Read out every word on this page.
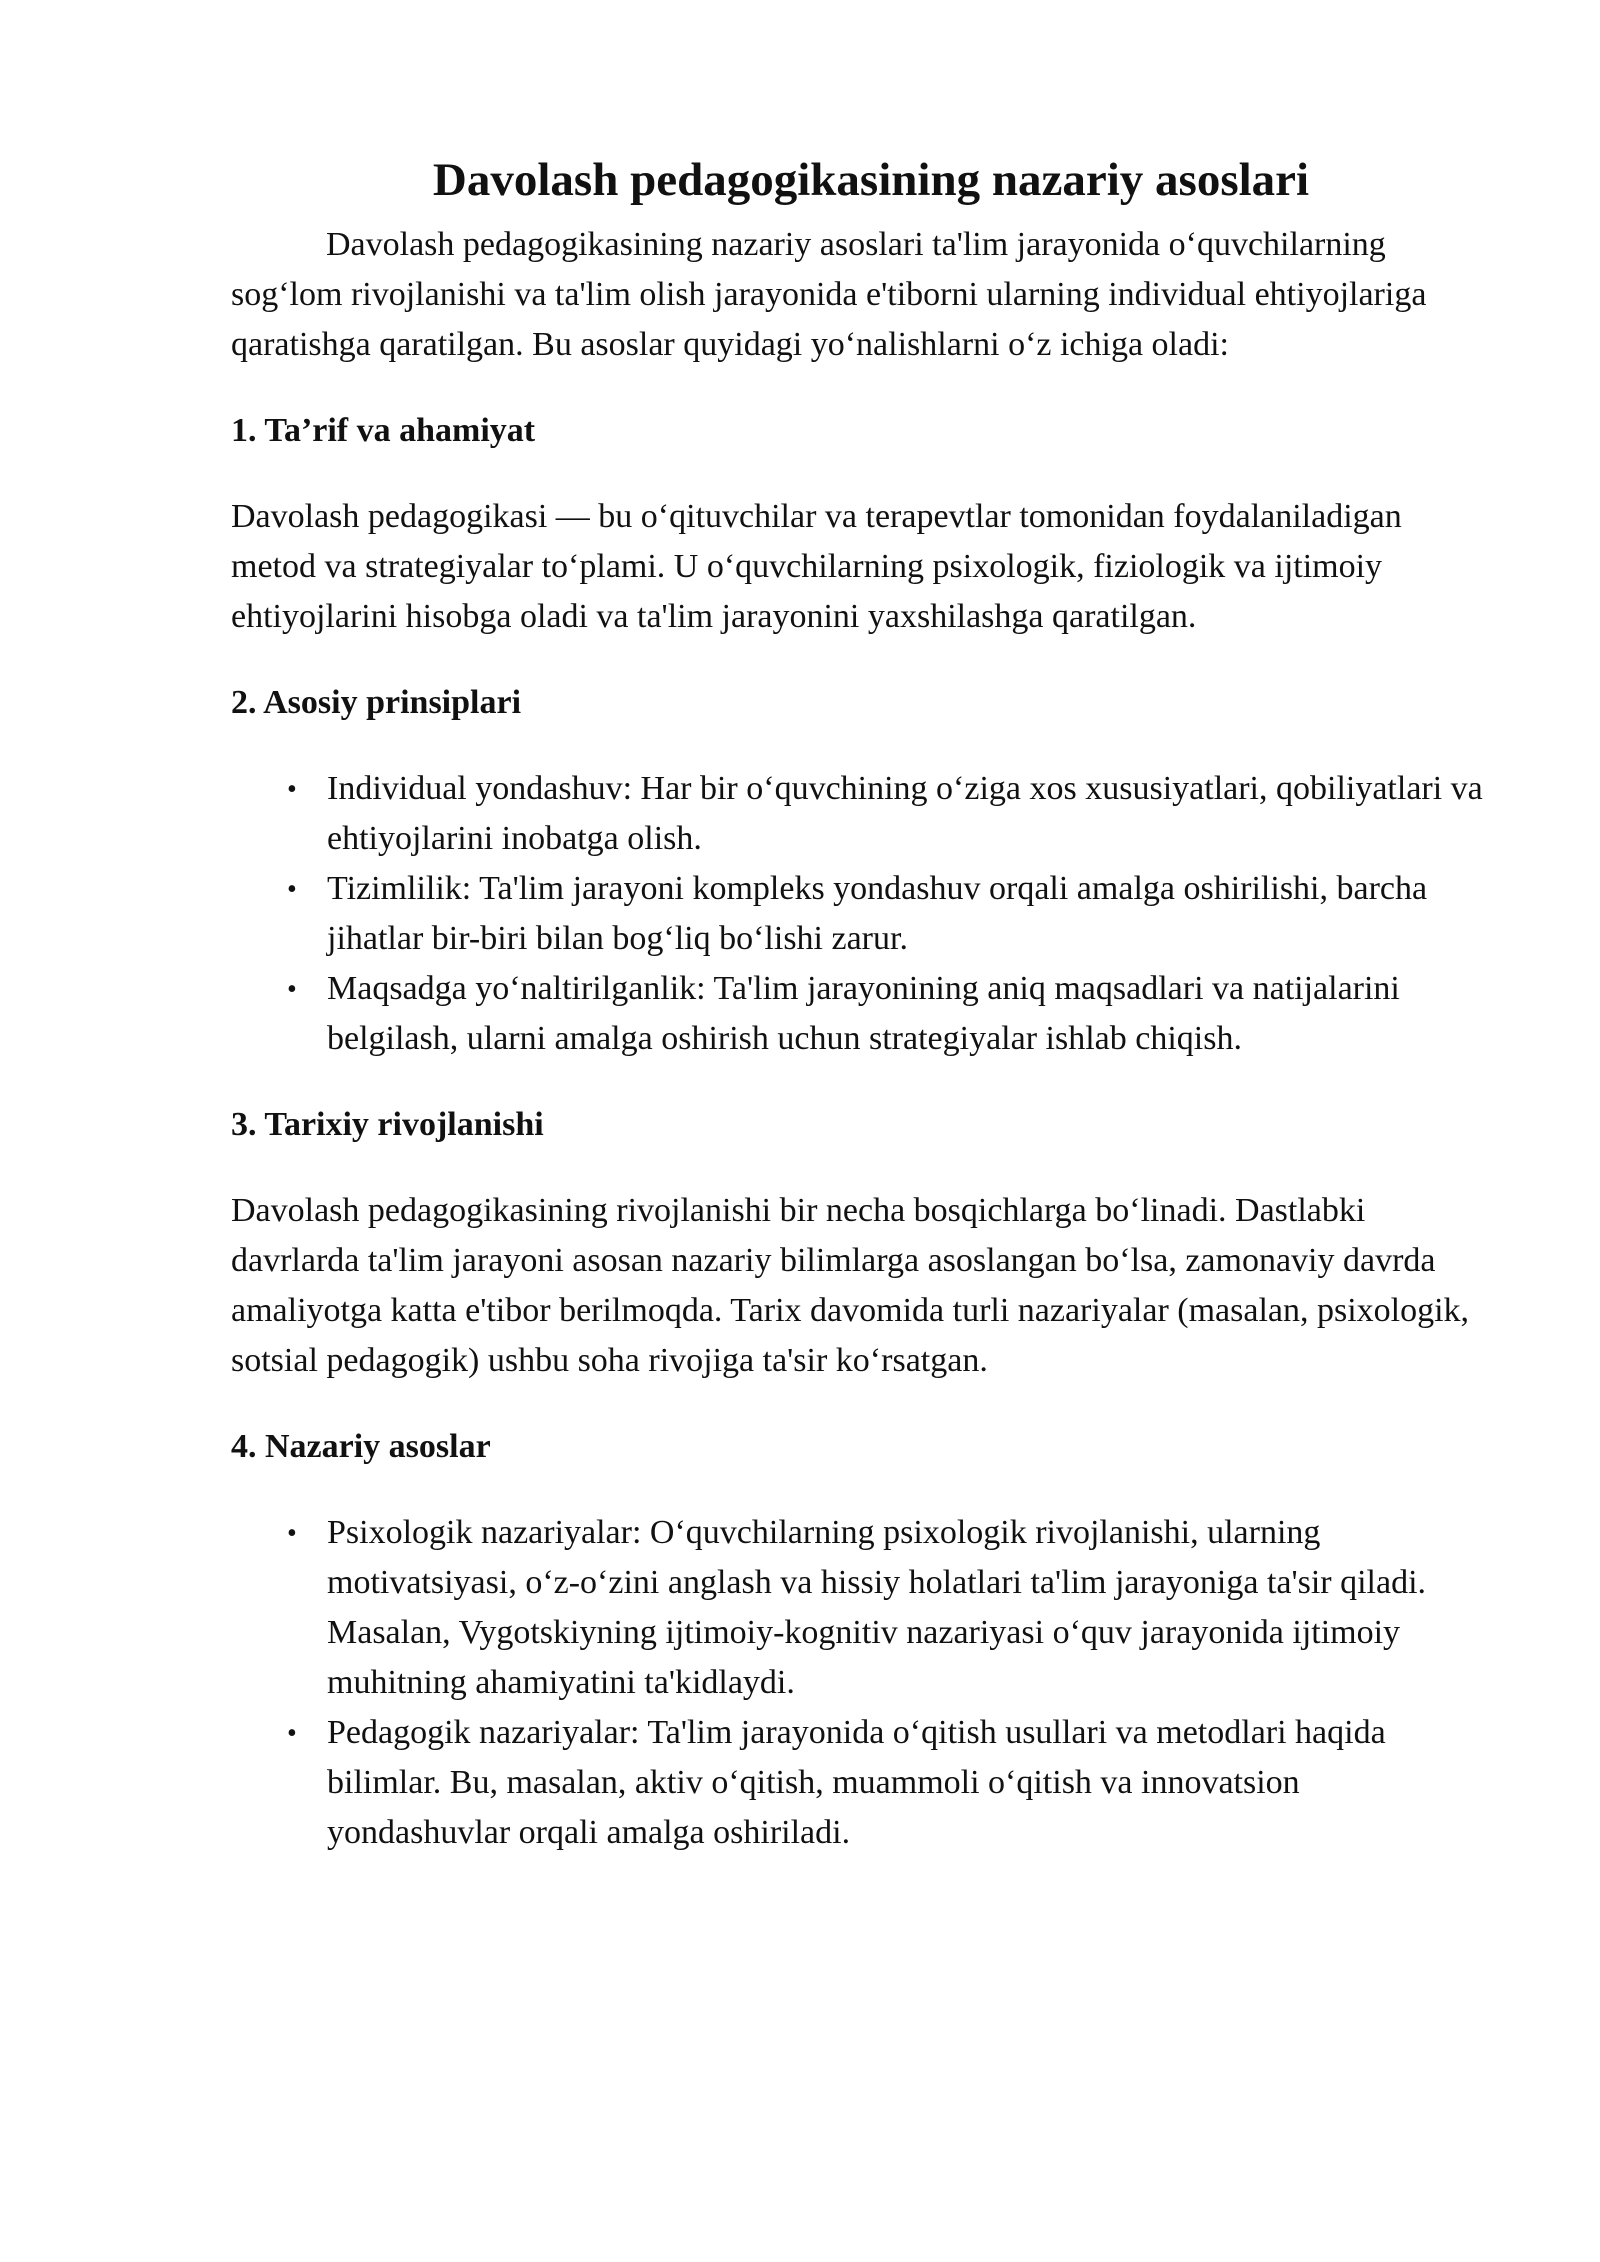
Davolash pedagogikasining nazariy asoslari

Davolash pedagogikasining nazariy asoslari ta'lim jarayonida o‘quvchilarning sog‘lom rivojlanishi va ta'lim olish jarayonida e'tiborni ularning individual ehtiyojlariga qaratishga qaratilgan. Bu asoslar quyidagi yo‘nalishlarni o‘z ichiga oladi:

1. Ta’rif va ahamiyat

Davolash pedagogikasi — bu o‘qituvchilar va terapevtlar tomonidan foydalaniladigan metod va strategiyalar to‘plami. U o‘quvchilarning psixologik, fiziologik va ijtimoiy ehtiyojlarini hisobga oladi va ta'lim jarayonini yaxshilashga qaratilgan.

2. Asosiy prinsiplari
• Individual yondashuv: Har bir o‘quvchining o‘ziga xos xususiyatlari, qobiliyatlari va ehtiyojlarini inobatga olish.
• Tizimlilik: Ta'lim jarayoni kompleks yondashuv orqali amalga oshirilishi, barcha jihatlar bir-biri bilan bog‘liq bo‘lishi zarur.
• Maqsadga yo‘naltirilganlik: Ta'lim jarayonining aniq maqsadlari va natijalarini belgilash, ularni amalga oshirish uchun strategiyalar ishlab chiqish.
3. Tarixiy rivojlanishi

Davolash pedagogikasining rivojlanishi bir necha bosqichlarga bo‘linadi. Dastlabki davrlarda ta'lim jarayoni asosan nazariy bilimlarga asoslangan bo‘lsa, zamonaviy davrda amaliyotga katta e'tibor berilmoqda. Tarix davomida turli nazariyalar (masalan, psixologik, sotsial pedagogik) ushbu soha rivojiga ta'sir ko‘rsatgan.

4. Nazariy asoslar
• Psixologik nazariyalar: O‘quvchilarning psixologik rivojlanishi, ularning motivatsiyasi, o‘z-o‘zini anglash va hissiy holatlari ta'lim jarayoniga ta'sir qiladi. Masalan, Vygotskiyning ijtimoiy-kognitiv nazariyasi o‘quv jarayonida ijtimoiy muhitning ahamiyatini ta'kidlaydi.
• Pedagogik nazariyalar: Ta'lim jarayonida o‘qitish usullari va metodlari haqida bilimlar. Bu, masalan, aktiv o‘qitish, muammoli o‘qitish va innovatsion yondashuvlar orqali amalga oshiriladi.
